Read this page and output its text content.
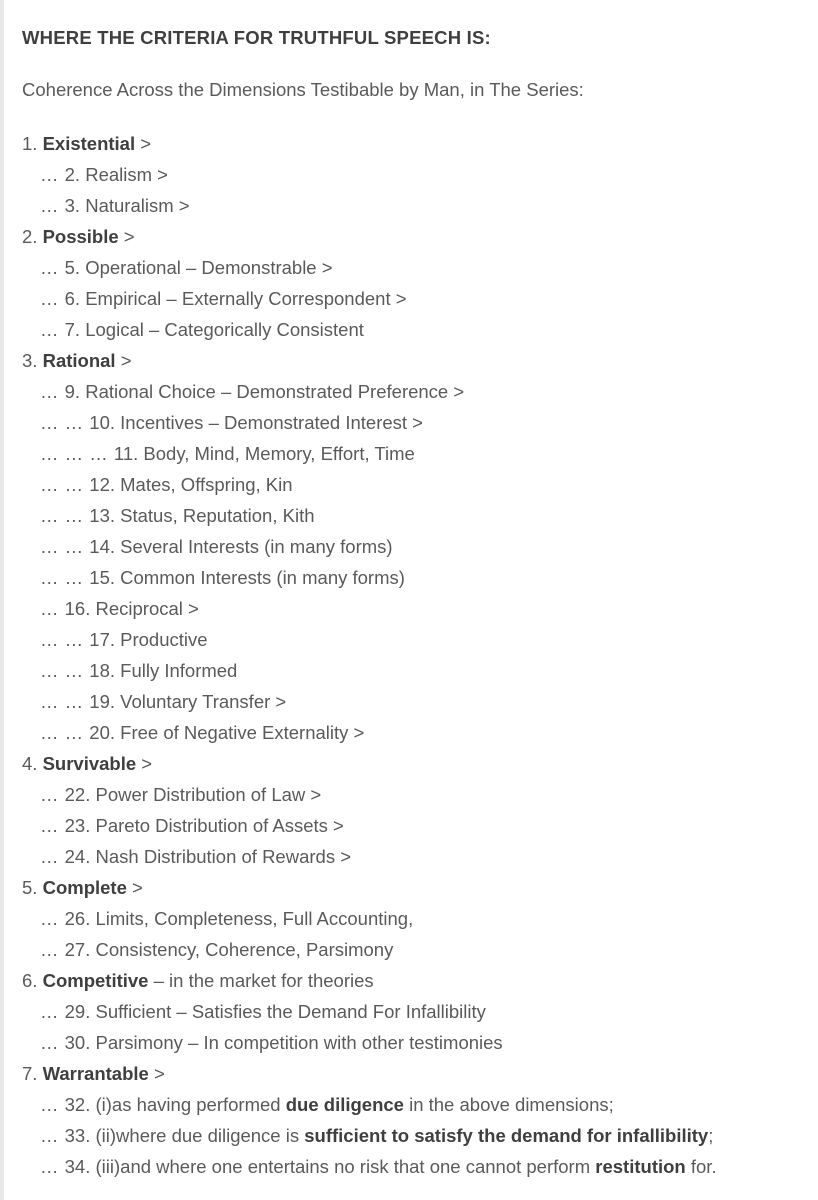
WHERE THE CRITERIA FOR TRUTHFUL SPEECH IS:

Coherence Across the Dimensions Testibable by Man, in The Series:

1. Existential >
… 2. Realism >
… 3. Naturalism >
2. Possible >
… 5. Operational – Demonstrable >
… 6. Empirical – Externally Correspondent >
… 7. Logical – Categorically Consistent
3. Rational >
… 9. Rational Choice – Demonstrated Preference >
… … 10. Incentives – Demonstrated Interest >
… … … 11. Body, Mind, Memory, Effort, Time
… … 12. Mates, Offspring, Kin
… … 13. Status, Reputation, Kith
… … 14. Several Interests (in many forms)
… … 15. Common Interests (in many forms)
… 16. Reciprocal >
… … 17. Productive
… … 18. Fully Informed
… … 19. Voluntary Transfer >
… … 20. Free of Negative Externality >
4. Survivable >
… 22. Power Distribution of Law >
… 23. Pareto Distribution of Assets >
… 24. Nash Distribution of Rewards >
5. Complete >
… 26. Limits, Completeness, Full Accounting,
… 27. Consistency, Coherence, Parsimony
6. Competitive – in the market for theories
… 29. Sufficient – Satisfies the Demand For Infallibility
… 30. Parsimony – In competition with other testimonies
7. Warrantable >
… 32. (i)as having performed due diligence in the above dimensions;
… 33. (ii)where due diligence is sufficient to satisfy the demand for infallibility;
… 34. (iii)and where one entertains no risk that one cannot perform restitution for.
